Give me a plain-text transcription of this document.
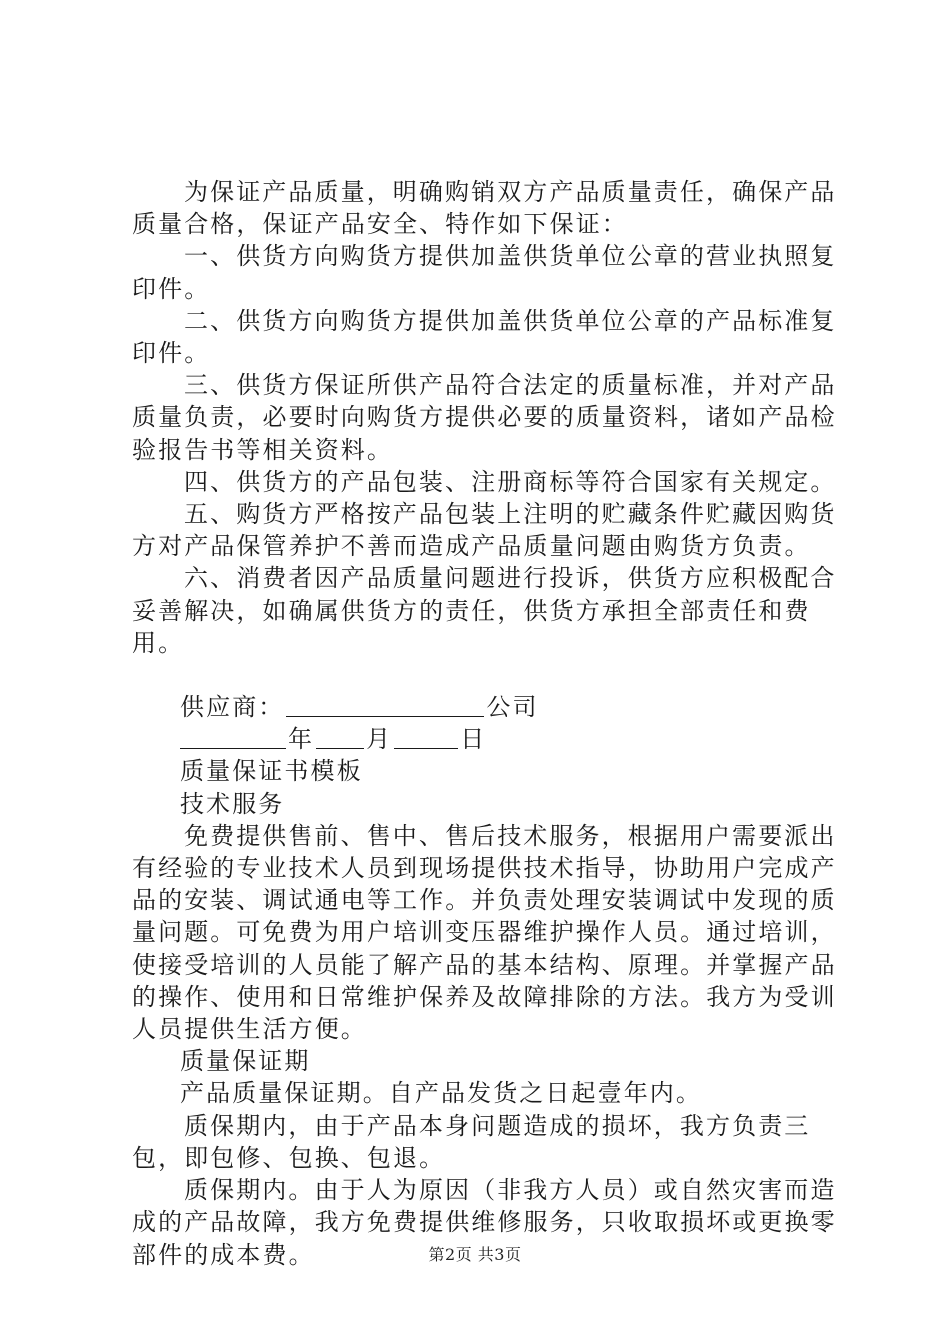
为保证产品质量，明确购销双方产品质量责任，确保产品质量合格，保证产品安全、特作如下保证：

一、供货方向购货方提供加盖供货单位公章的营业执照复印件。

二、供货方向购货方提供加盖供货单位公章的产品标准复印件。

三、供货方保证所供产品符合法定的质量标准，并对产品质量负责，必要时向购货方提供必要的质量资料，诸如产品检验报告书等相关资料。

四、供货方的产品包装、注册商标等符合国家有关规定。

五、购货方严格按产品包装上注明的贮藏条件贮藏因购货方对产品保管养护不善而造成产品质量问题由购货方负责。

六、消费者因产品质量问题进行投诉，供货方应积极配合妥善解决，如确属供货方的责任，供货方承担全部责任和费用。

供应商：	公司
年 月	日
质量保证书模板
技术服务

免费提供售前、售中、售后技术服务，根据用户需要派出有经验的专业技术人员到现场提供技术指导，协助用户完成产品的安装、调试通电等工作。并负责处理安装调试中发现的质量问题。可免费为用户培训变压器维护操作人员。通过培训，使接受培训的人员能了解产品的基本结构、原理。并掌握产品的操作、使用和日常维护保养及故障排除的方法。我方为受训人员提供生活方便。

质量保证期
产品质量保证期。自产品发货之日起壹年内。

质保期内，由于产品本身问题造成的损坏，我方负责三包，即包修、包换、包退。

质保期内。由于人为原因（非我方人员）或自然灾害而造成的产品故障，我方免费提供维修服务，只收取损坏或更换零部件的成本费。	第2页 共3页
